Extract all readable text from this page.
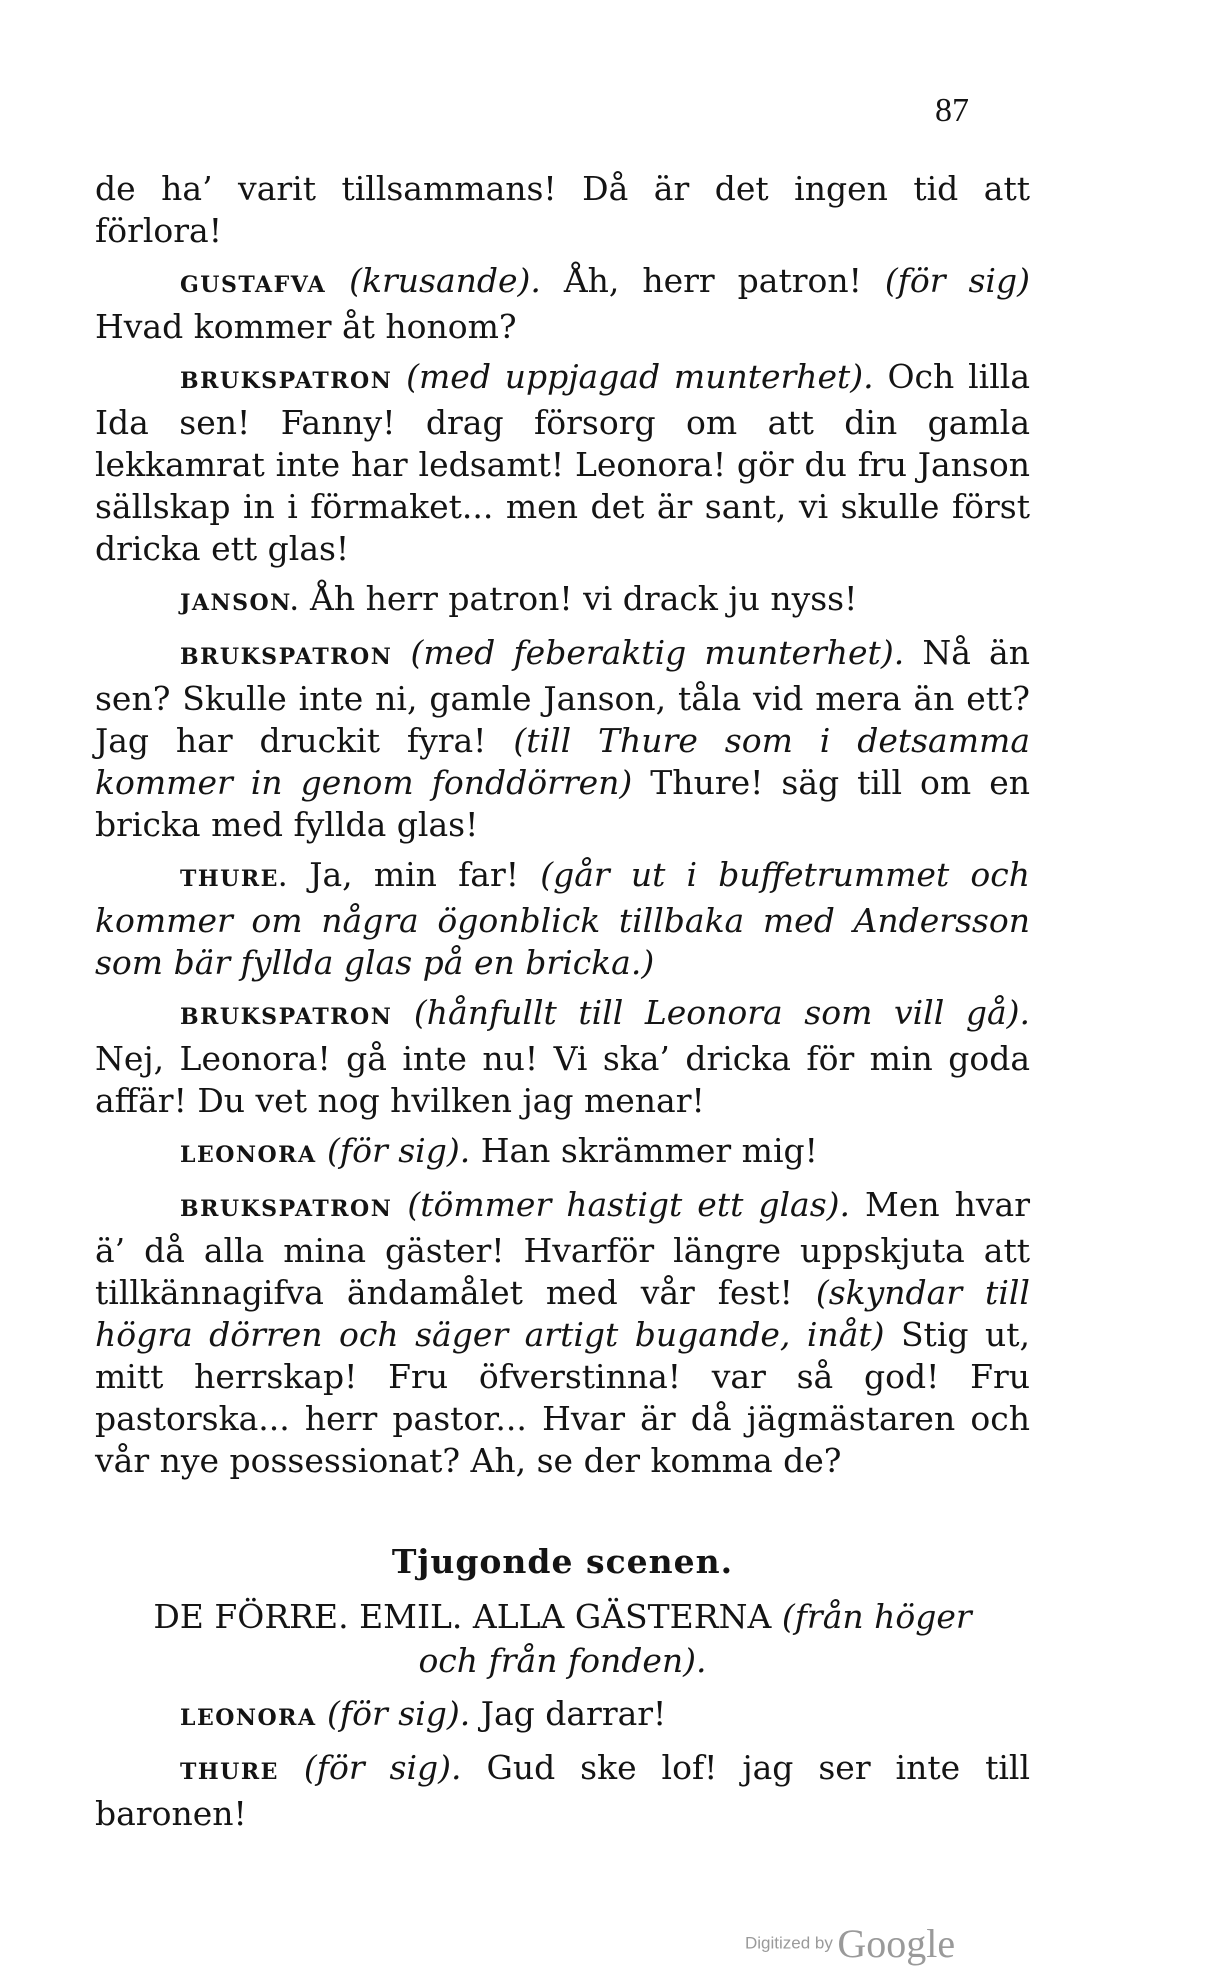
87

de ha’ varit tillsammans! Då är det ingen tid att förlora!

GUSTAFVA (krusande). Åh, herr patron! (för sig) Hvad kommer åt honom?

BRUKSPATRON (med uppjagad munterhet). Och lilla Ida sen! Fanny! drag försorg om att din gamla lekkamrat inte har ledsamt! Leonora! gör du fru Janson sällskap in i förmaket... men det är sant, vi skulle först dricka ett glas!

JANSON. Åh herr patron! vi drack ju nyss!

BRUKSPATRON (med feberaktig munterhet). Nå än sen? Skulle inte ni, gamle Janson, tåla vid mera än ett? Jag har druckit fyra! (till Thure som i detsamma kommer in genom fonddörren) Thure! säg till om en bricka med fyllda glas!

THURE. Ja, min far! (går ut i buffetrummet och kommer om några ögonblick tillbaka med Andersson som bär fyllda glas på en bricka.)

BRUKSPATRON (hånfullt till Leonora som vill gå). Nej, Leonora! gå inte nu! Vi ska’ dricka för min goda affär! Du vet nog hvilken jag menar!

LEONORA (för sig). Han skrämmer mig!

BRUKSPATRON (tömmer hastigt ett glas). Men hvar ä’ då alla mina gäster! Hvarför längre uppskjuta att tillkännagifva ändamålet med vår fest! (skyndar till högra dörren och säger artigt bugande, inåt) Stig ut, mitt herrskap! Fru öfverstinna! var så god! Fru pastorska... herr pastor... Hvar är då jägmästaren och vår nye possessionat? Ah, se der komma de?

Tjugonde scenen.

DE FÖRRE. EMIL. ALLA GÄSTERNA (från höger och från fonden).

LEONORA (för sig). Jag darrar!

THURE (för sig). Gud ske lof! jag ser inte till baronen!

Digitized by Google
